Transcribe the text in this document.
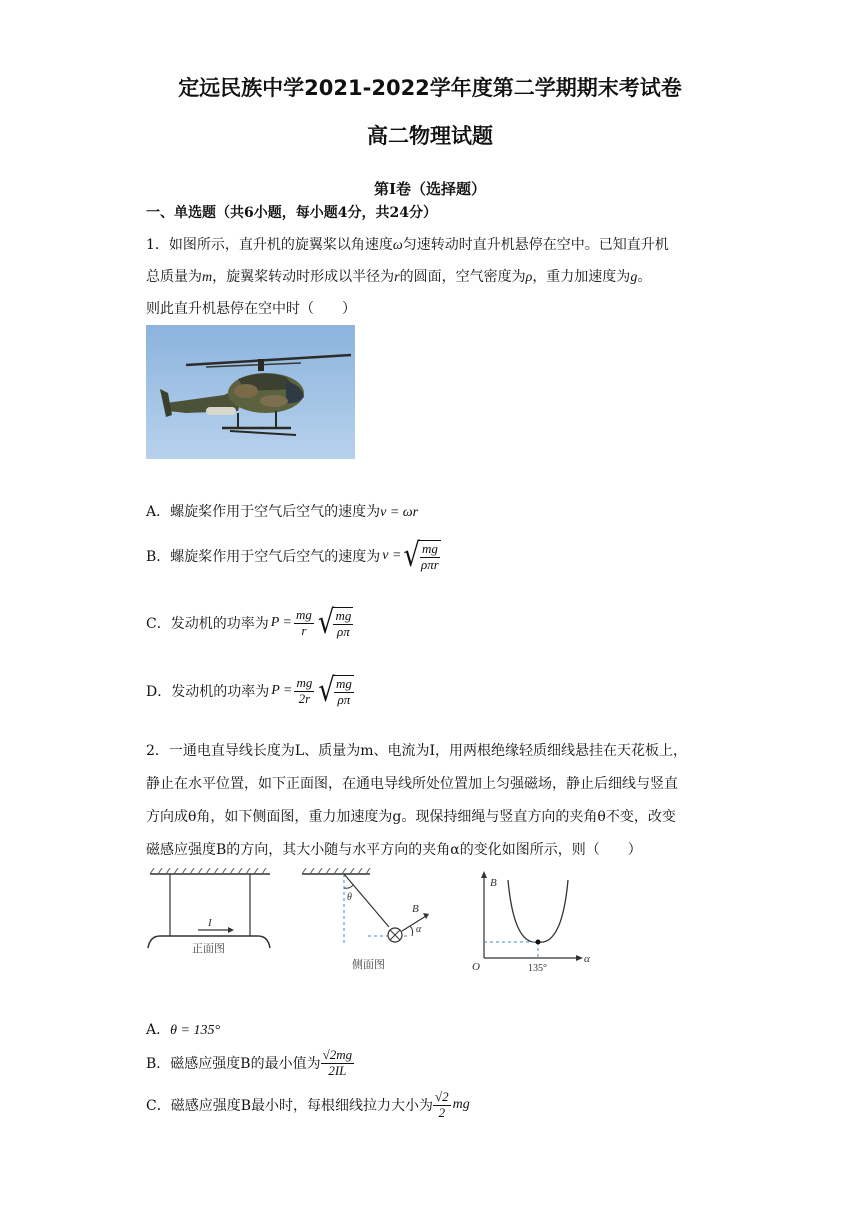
定远民族中学2021-2022学年度第二学期期末考试卷
高二物理试题
第I卷（选择题）
一、单选题（共6小题，每小题4分，共24分）
1．如图所示，直升机的旋翼桨以角速度ω匀速转动时直升机悬停在空中。已知直升机
总质量为m，旋翼桨转动时形成以半径为r的圆面，空气密度为ρ，重力加速度为g。
则此直升机悬停在空中时（　　）
A．螺旋桨作用于空气后空气的速度为v = ωr
B．螺旋桨作用于空气后空气的速度为 v = √ $\frac{mg}{\text{ρπr}}$
C．发动机的功率为 $P = \frac{mg}{r}$ √ $\frac{mg}{\rho\pi}$
D．发动机的功率为 $P = \frac{mg}{2r}$ √ $\frac{mg}{\rho\pi}$
2．一通电直导线长度为L、质量为m、电流为I，用两根绝缘轻质细线悬挂在天花板上，
静止在水平位置，如下正面图，在通电导线所处位置加上匀强磁场，静止后细线与竖直
方向成θ角，如下侧面图，重力加速度为g。现保持细绳与竖直方向的夹角θ不变，改变
磁感应强度B的方向，其大小随与水平方向的夹角α的变化如图所示，则（　　）
I
正面图
θ
B
α
侧面图
B
α
O	135°
A．θ = 135°
B．磁感应强度B的最小值为 $\frac{√2mg}{2IL}$
C．磁感应强度B最小时，每根细线拉力大小为 $\frac{√2}{2}$ mg
